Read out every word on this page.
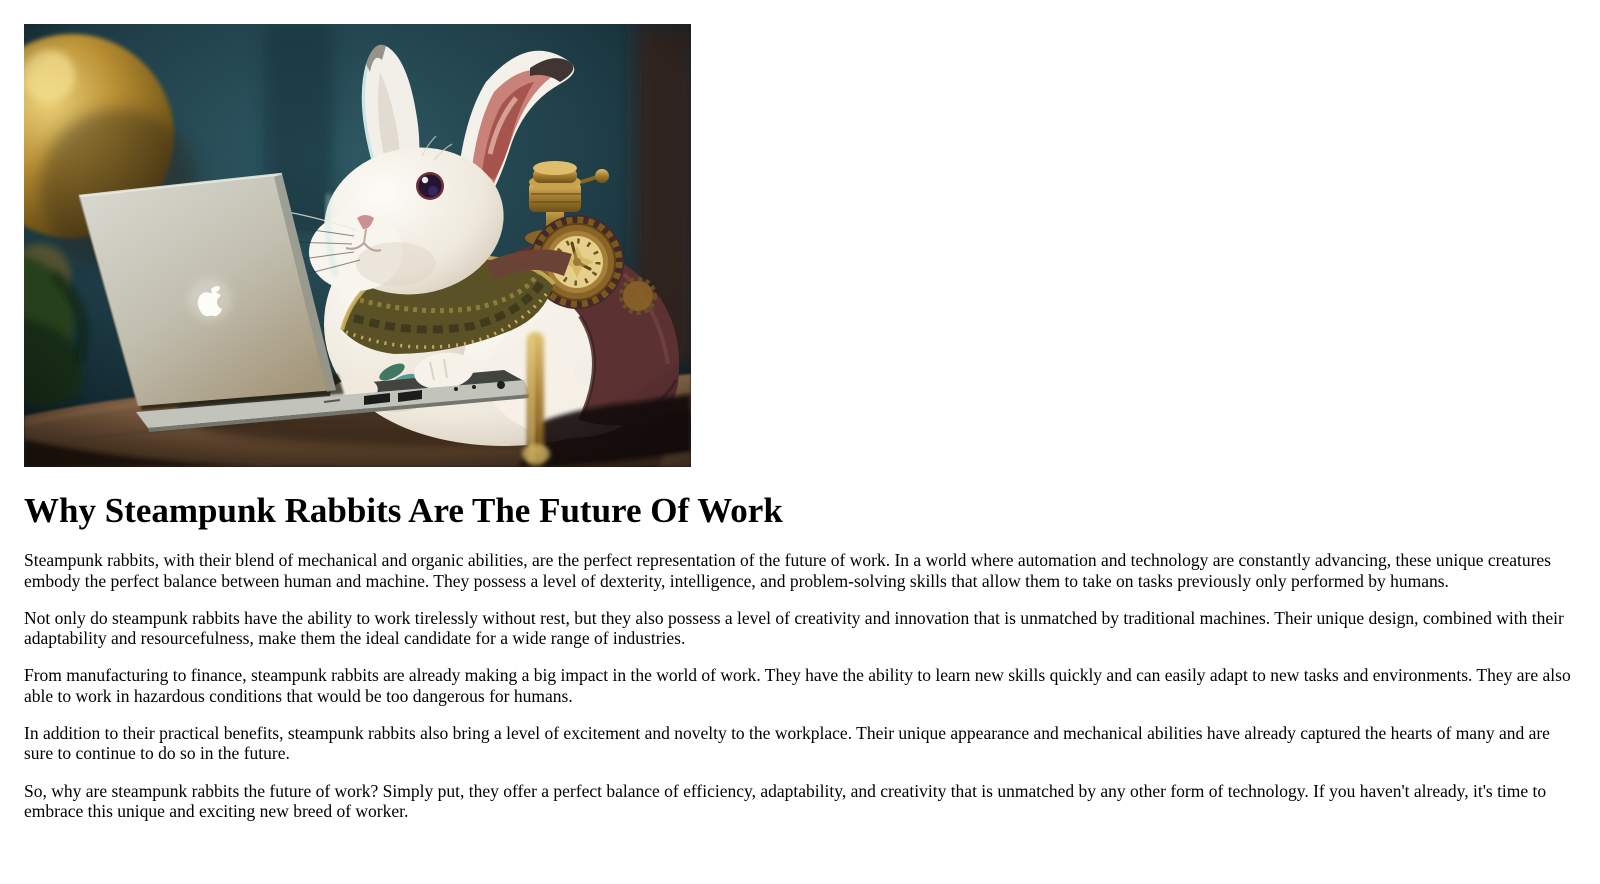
Why Steampunk Rabbits Are The Future Of Work

Steampunk rabbits, with their blend of mechanical and organic abilities, are the perfect representation of the future of work. In a world where automation and technology are constantly advancing, these unique creatures embody the perfect balance between human and machine. They possess a level of dexterity, intelligence, and problem-solving skills that allow them to take on tasks previously only performed by humans.

Not only do steampunk rabbits have the ability to work tirelessly without rest, but they also possess a level of creativity and innovation that is unmatched by traditional machines. Their unique design, combined with their adaptability and resourcefulness, make them the ideal candidate for a wide range of industries.

From manufacturing to finance, steampunk rabbits are already making a big impact in the world of work. They have the ability to learn new skills quickly and can easily adapt to new tasks and environments. They are also able to work in hazardous conditions that would be too dangerous for humans.

In addition to their practical benefits, steampunk rabbits also bring a level of excitement and novelty to the workplace. Their unique appearance and mechanical abilities have already captured the hearts of many and are sure to continue to do so in the future.

So, why are steampunk rabbits the future of work? Simply put, they offer a perfect balance of efficiency, adaptability, and creativity that is unmatched by any other form of technology. If you haven't already, it's time to embrace this unique and exciting new breed of worker.
